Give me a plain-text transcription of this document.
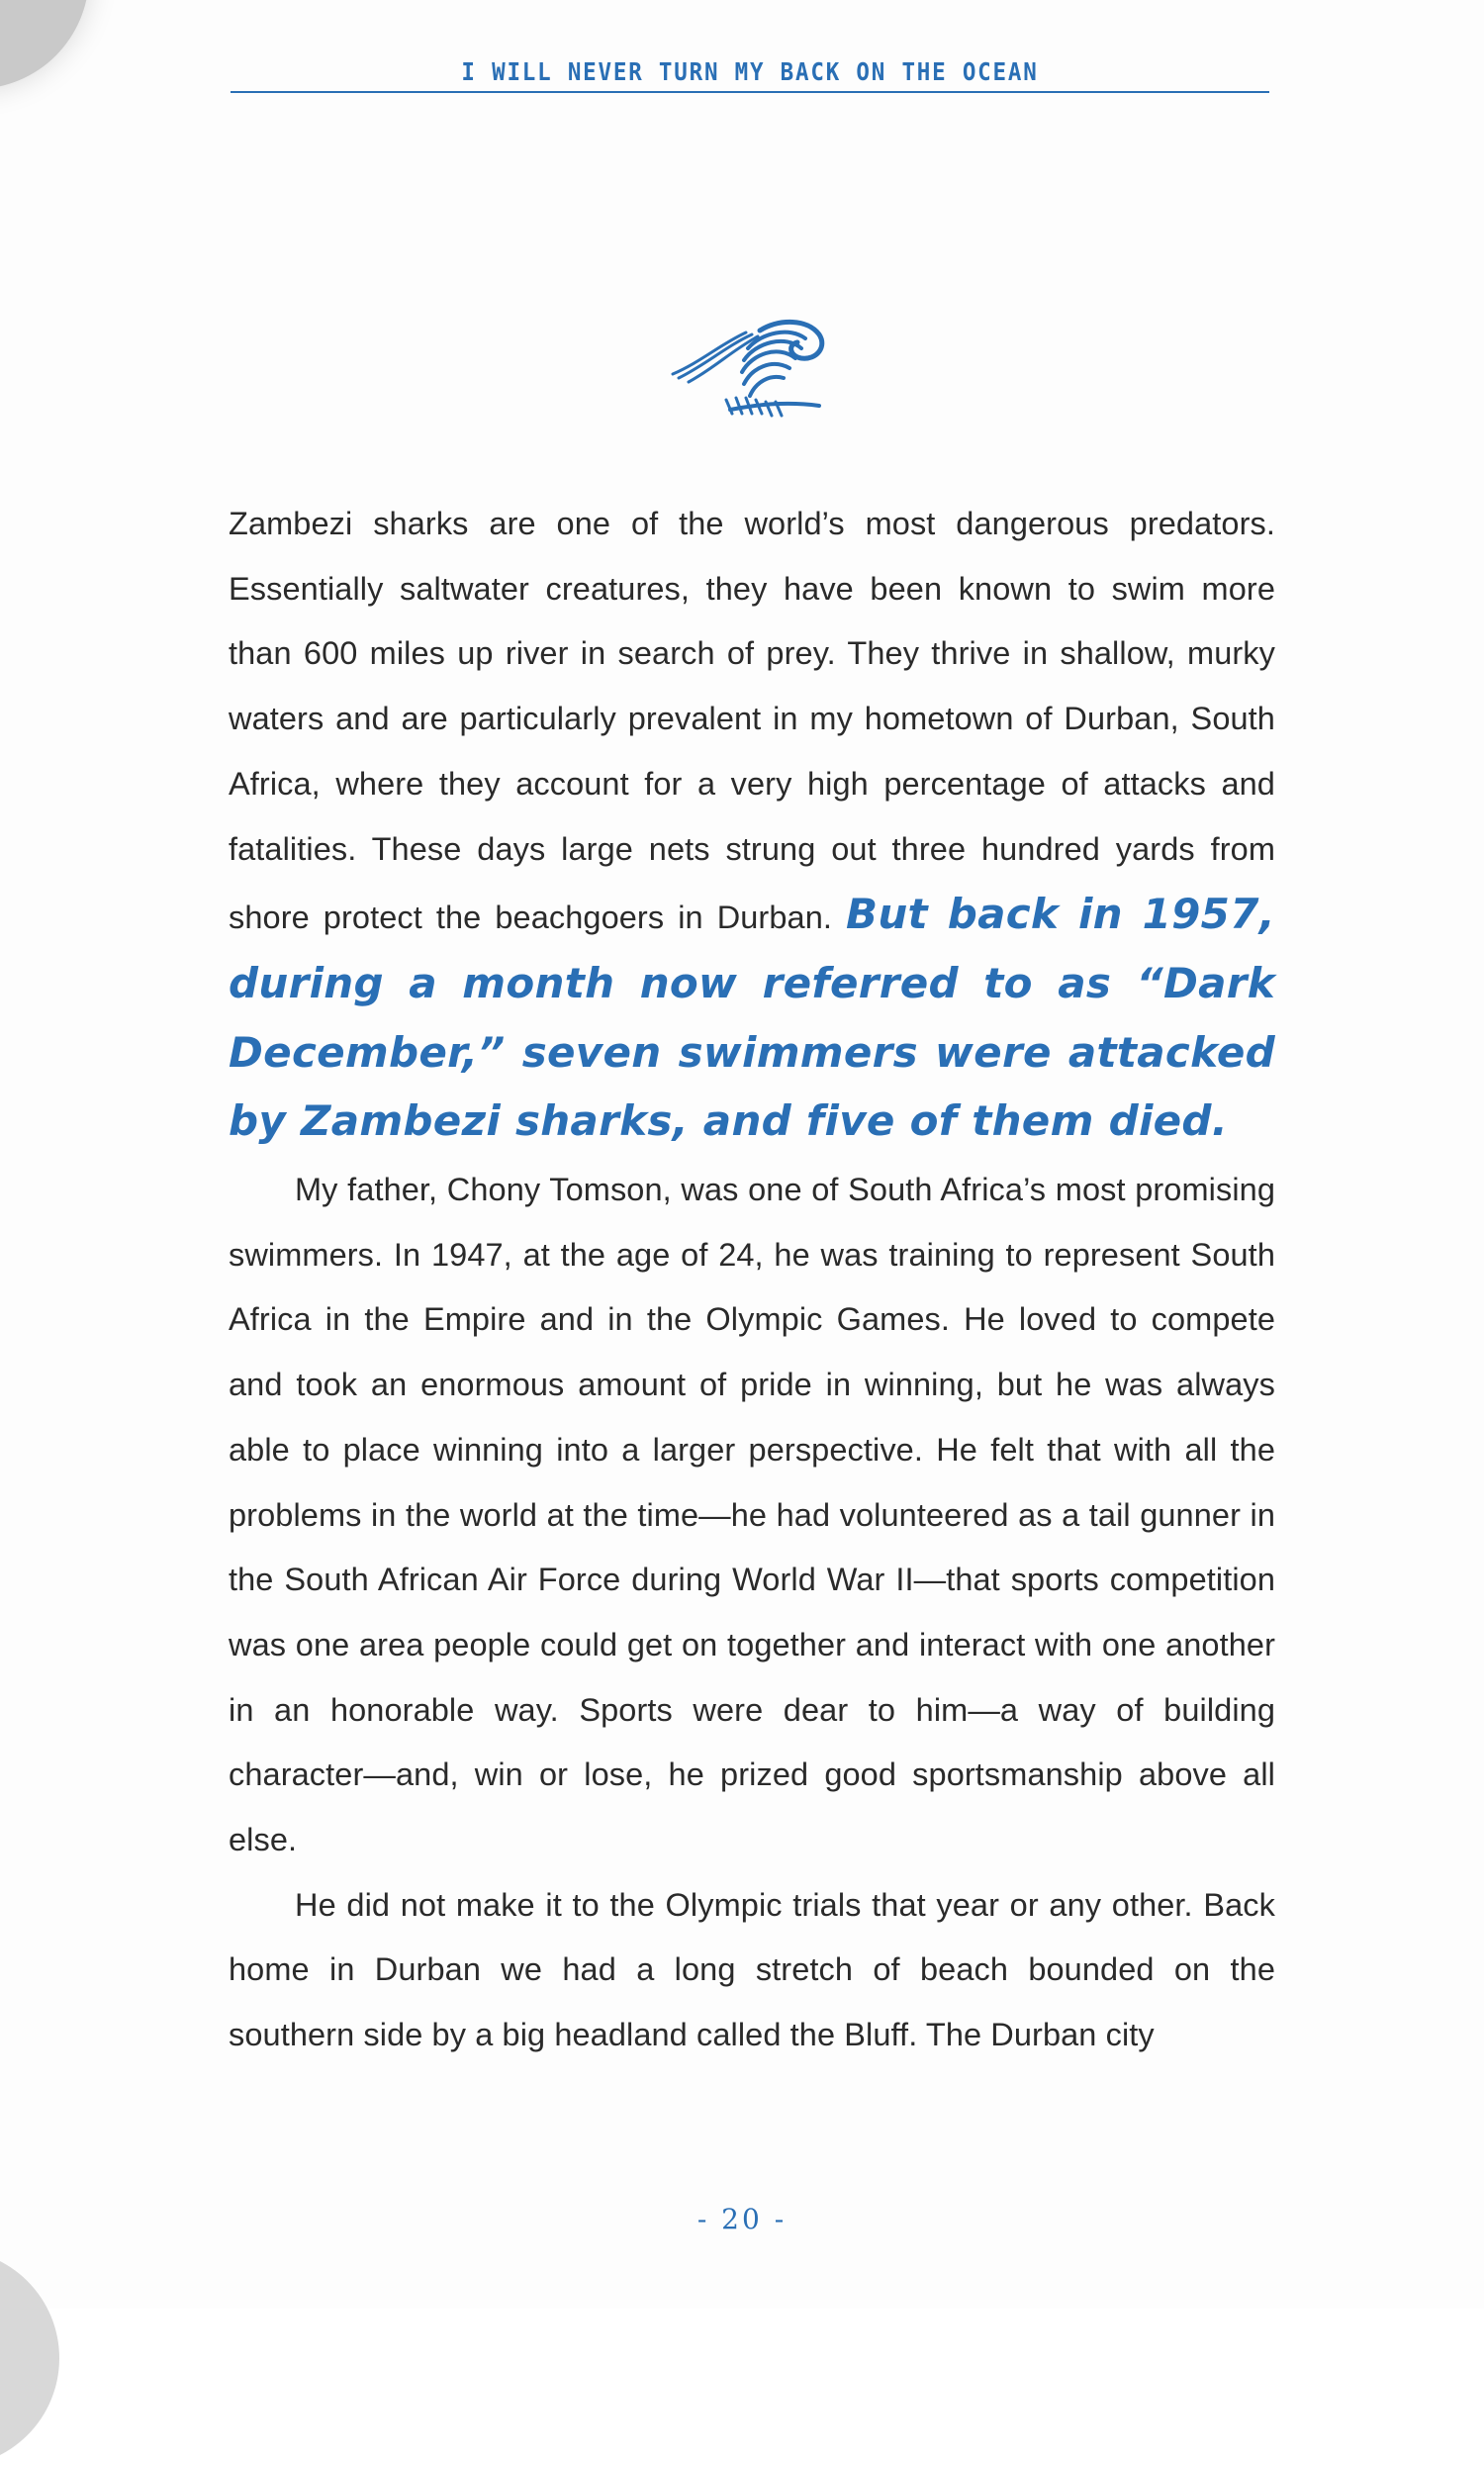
I WILL NEVER TURN MY BACK ON THE OCEAN

Zambezi sharks are one of the world’s most dangerous predators. Essentially saltwater creatures, they have been known to swim more than 600 miles up river in search of prey. They thrive in shallow, murky waters and are particularly prevalent in my hometown of Durban, South Africa, where they account for a very high percentage of attacks and fatalities. These days large nets strung out three hundred yards from shore protect the beachgoers in Durban. But back in 1957, during a month now referred to as “Dark December,” seven swimmers were attacked by Zambezi sharks, and five of them died.

My father, Chony Tomson, was one of South Africa’s most promising swimmers. In 1947, at the age of 24, he was training to represent South Africa in the Empire and in the Olympic Games. He loved to compete and took an enormous amount of pride in winning, but he was always able to place winning into a larger perspective. He felt that with all the problems in the world at the time—he had volunteered as a tail gunner in the South African Air Force during World War II—that sports competition was one area people could get on together and interact with one another in an honorable way. Sports were dear to him—a way of building character—and, win or lose, he prized good sportsmanship above all else.

He did not make it to the Olympic trials that year or any other. Back home in Durban we had a long stretch of beach bounded on the southern side by a big headland called the Bluff. The Durban city

- 20 -
